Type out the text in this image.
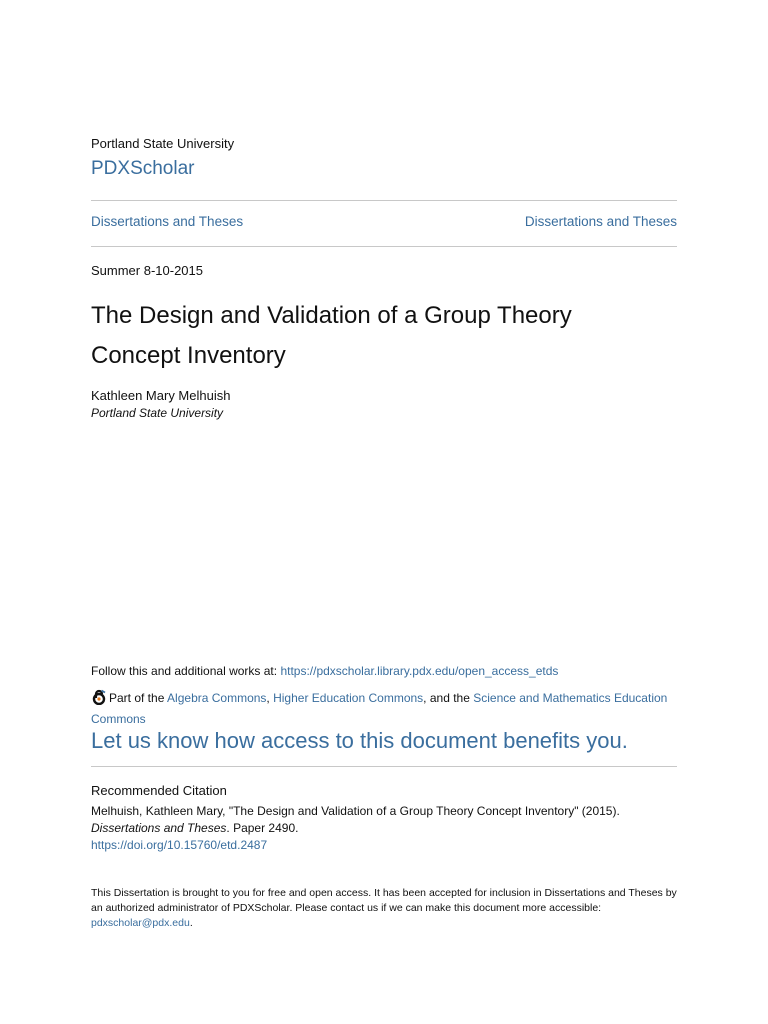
Portland State University
PDXScholar
Dissertations and Theses	Dissertations and Theses
Summer 8-10-2015
The Design and Validation of a Group Theory Concept Inventory
Kathleen Mary Melhuish
Portland State University
Follow this and additional works at: https://pdxscholar.library.pdx.edu/open_access_etds
Part of the Algebra Commons, Higher Education Commons, and the Science and Mathematics Education Commons
Let us know how access to this document benefits you.
Recommended Citation
Melhuish, Kathleen Mary, "The Design and Validation of a Group Theory Concept Inventory" (2015).
Dissertations and Theses. Paper 2490.
https://doi.org/10.15760/etd.2487
This Dissertation is brought to you for free and open access. It has been accepted for inclusion in Dissertations and Theses by an authorized administrator of PDXScholar. Please contact us if we can make this document more accessible: pdxscholar@pdx.edu.
